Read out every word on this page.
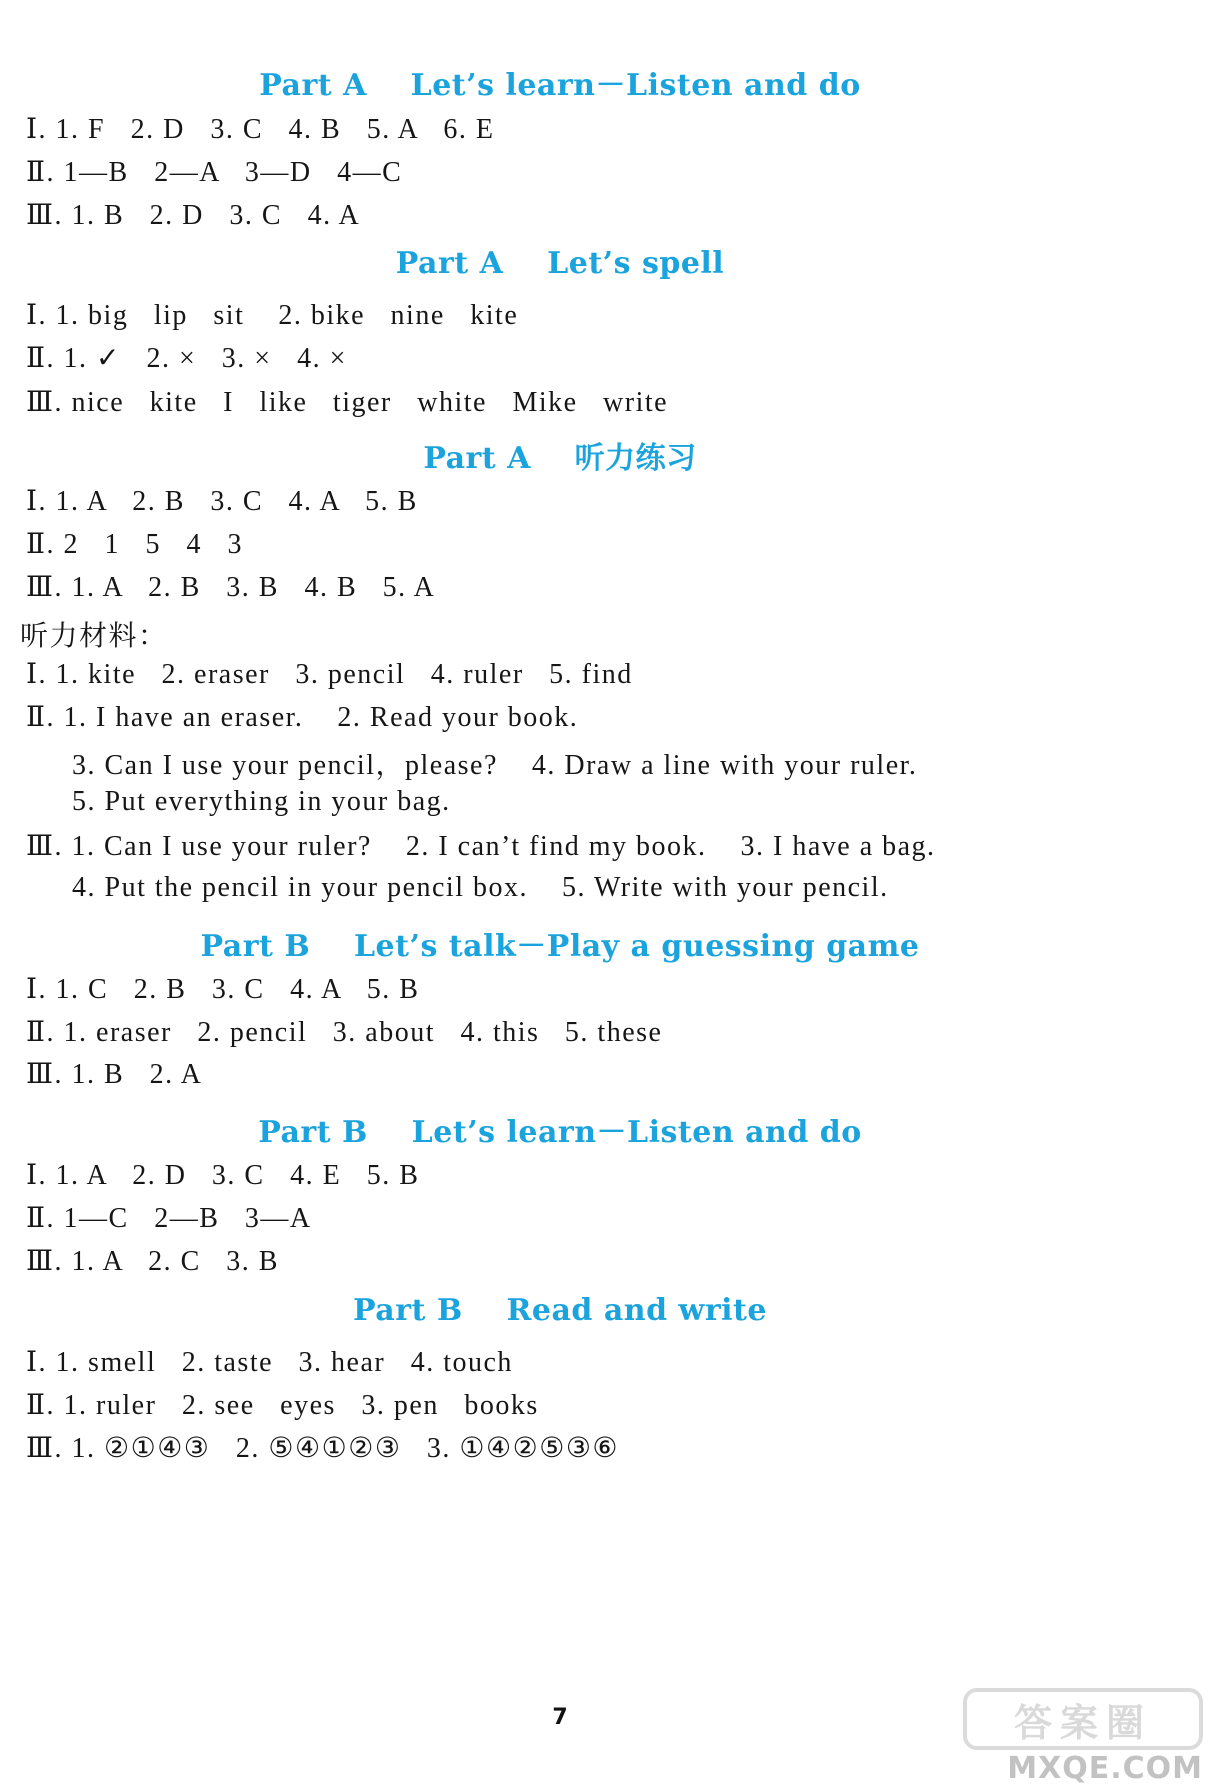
Part A    Let’s learn－Listen and do
Ⅰ. 1. F   2. D   3. C   4. B   5. A   6. E
Ⅱ. 1—B   2—A   3—D   4—C
Ⅲ. 1. B   2. D   3. C   4. A
Part A    Let’s spell
Ⅰ. 1. big   lip   sit    2. bike   nine   kite
Ⅱ. 1. ✓   2. ×   3. ×   4. ×
Ⅲ. nice   kite   I   like   tiger   white   Mike   write
Part A    听力练习
Ⅰ. 1. A   2. B   3. C   4. A   5. B
Ⅱ. 2   1   5   4   3
Ⅲ. 1. A   2. B   3. B   4. B   5. A
听力材料：
Ⅰ. 1. kite   2. eraser   3. pencil   4. ruler   5. find
Ⅱ. 1. I have an eraser.    2. Read your book.
3. Can I use your pencil，please?    4. Draw a line with your ruler.
5. Put everything in your bag.
Ⅲ. 1. Can I use your ruler?    2. I can’t find my book.    3. I have a bag.
4. Put the pencil in your pencil box.    5. Write with your pencil.
Part B    Let’s talk－Play a guessing game
Ⅰ. 1. C   2. B   3. C   4. A   5. B
Ⅱ. 1. eraser   2. pencil   3. about   4. this   5. these
Ⅲ. 1. B   2. A
Part B    Let’s learn－Listen and do
Ⅰ. 1. A   2. D   3. C   4. E   5. B
Ⅱ. 1—C   2—B   3—A
Ⅲ. 1. A   2. C   3. B
Part B    Read and write
Ⅰ. 1. smell   2. taste   3. hear   4. touch
Ⅱ. 1. ruler   2. see   eyes   3. pen   books
Ⅲ. 1. ②①④③   2. ⑤④①②③   3. ①④②⑤③⑥
7	答案圈
MXQE.COM
